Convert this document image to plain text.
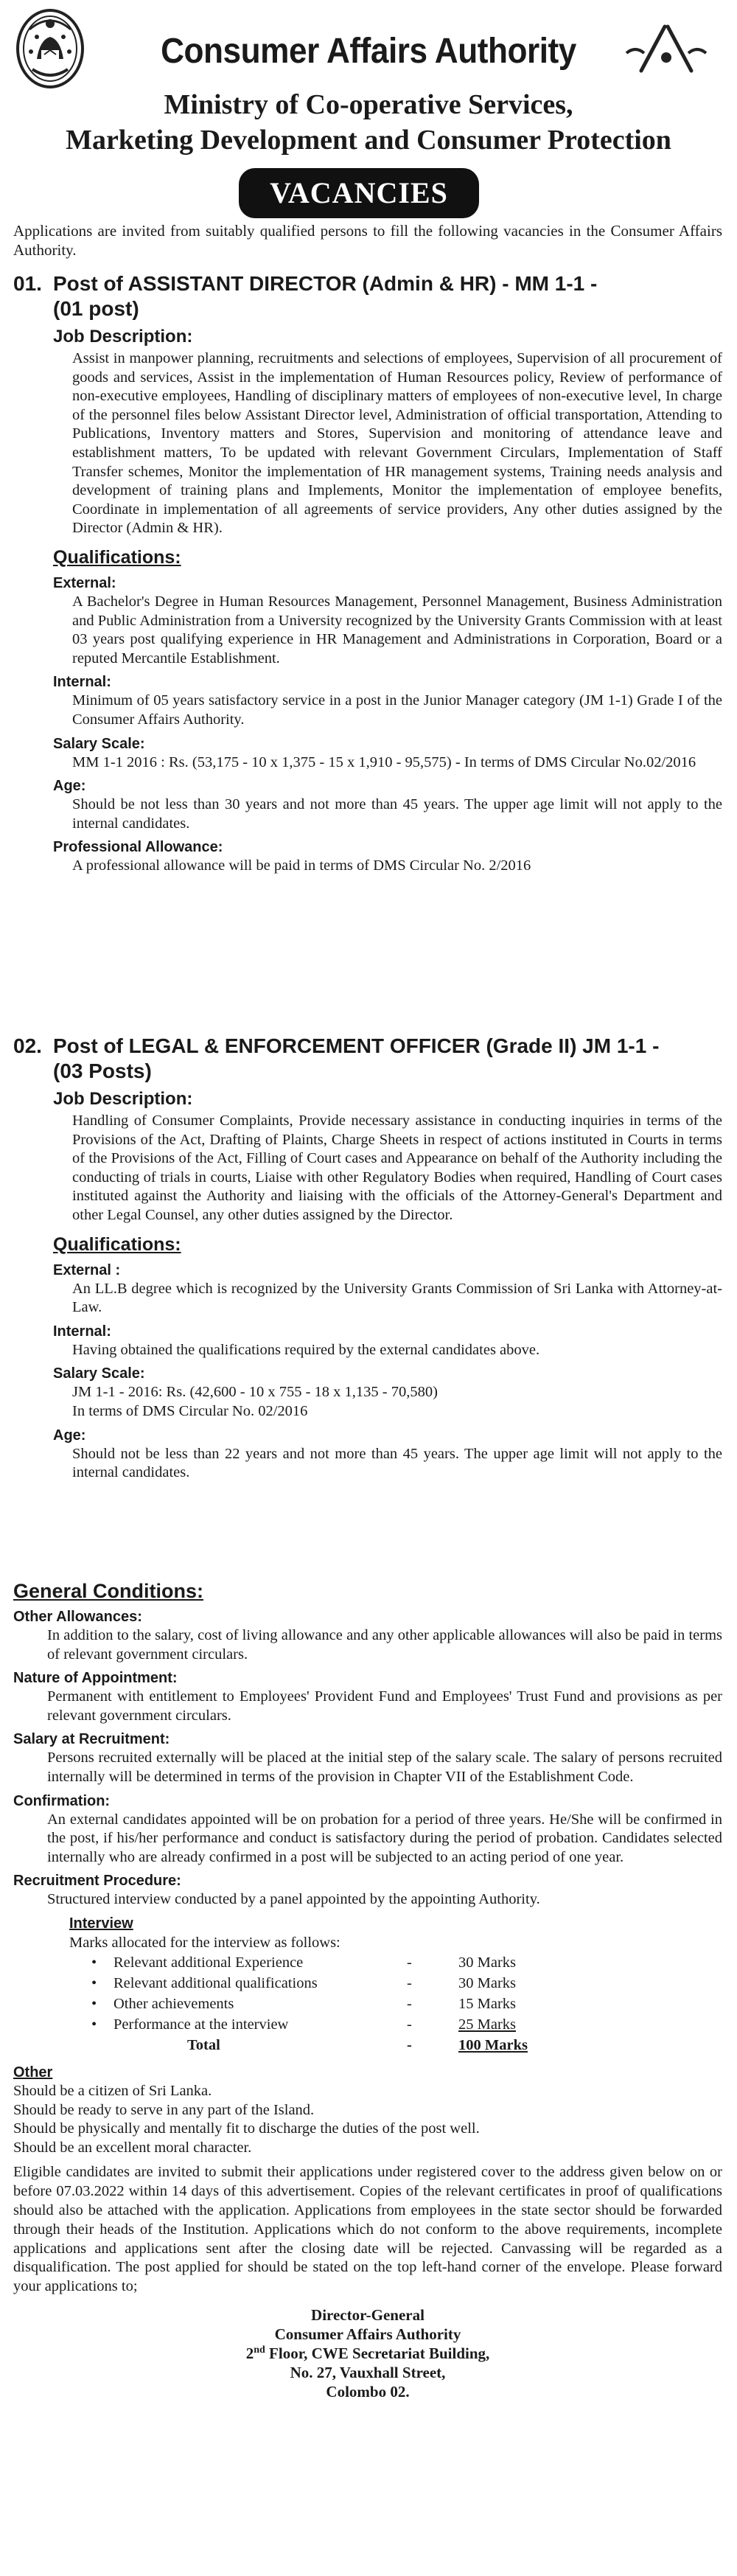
Consumer Affairs Authority
Ministry of Co-operative Services,
Marketing Development and Consumer Protection
VACANCIES
Applications are invited from suitably qualified persons to fill the following vacancies in the Consumer Affairs Authority.
01. Post of ASSISTANT DIRECTOR (Admin & HR) - MM 1-1 -
(01 post)
Job Description:
Assist in manpower planning, recruitments and selections of employees, Supervision of all procurement of goods and services, Assist in the implementation of Human Resources policy, Review of performance of non-executive employees, Handling of disciplinary matters of employees of non-executive level, In charge of the personnel files below Assistant Director level, Administration of official transportation, Attending to Publications, Inventory matters and Stores, Supervision and monitoring of attendance leave and establishment matters, To be updated with relevant Government Circulars, Implementation of Staff Transfer schemes, Monitor the implementation of HR management systems, Training needs analysis and development of training plans and Implements, Monitor the implementation of employee benefits, Coordinate in implementation of all agreements of service providers, Any other duties assigned by the Director (Admin & HR).
Qualifications:
External:
A Bachelor's Degree in Human Resources Management, Personnel Management, Business Administration and Public Administration from a University recognized by the University Grants Commission with at least 03 years post qualifying experience in HR Management and Administrations in Corporation, Board or a reputed Mercantile Establishment.
Internal:
Minimum of 05 years satisfactory service in a post in the Junior Manager category (JM 1-1) Grade I of the Consumer Affairs Authority.
Salary Scale:
MM 1-1 2016 : Rs. (53,175 - 10 x 1,375 - 15 x 1,910 - 95,575) - In terms of DMS Circular No.02/2016
Age:
Should be not less than 30 years and not more than 45 years. The upper age limit will not apply to the internal candidates.
Professional Allowance:
A professional allowance will be paid in terms of DMS Circular No. 2/2016
02. Post of LEGAL & ENFORCEMENT OFFICER (Grade II) JM 1-1 -
(03 Posts)
Job Description:
Handling of Consumer Complaints, Provide necessary assistance in conducting inquiries in terms of the Provisions of the Act, Drafting of Plaints, Charge Sheets in respect of actions instituted in Courts in terms of the Provisions of the Act, Filling of Court cases and Appearance on behalf of the Authority including the conducting of trials in courts, Liaise with other Regulatory Bodies when required, Handling of Court cases instituted against the Authority and liaising with the officials of the Attorney-General's Department and other Legal Counsel, any other duties assigned by the Director.
Qualifications:
External :
An LL.B degree which is recognized by the University Grants Commission of Sri Lanka with Attorney-at-Law.
Internal:
Having obtained the qualifications required by the external candidates above.
Salary Scale:
JM 1-1 - 2016: Rs. (42,600 - 10 x 755 - 18 x 1,135 - 70,580)
In terms of DMS Circular No. 02/2016
Age:
Should not be less than 22 years and not more than 45 years. The upper age limit will not apply to the internal candidates.
General Conditions:
Other Allowances:
In addition to the salary, cost of living allowance and any other applicable allowances will also be paid in terms of relevant government circulars.
Nature of Appointment:
Permanent with entitlement to Employees' Provident Fund and Employees' Trust Fund and provisions as per relevant government circulars.
Salary at Recruitment:
Persons recruited externally will be placed at the initial step of the salary scale. The salary of persons recruited internally will be determined in terms of the provision in Chapter VII of the Establishment Code.
Confirmation:
An external candidates appointed will be on probation for a period of three years. He/She will be confirmed in the post, if his/her performance and conduct is satisfactory during the period of probation. Candidates selected internally who are already confirmed in a post will be subjected to an acting period of one year.
Recruitment Procedure:
Structured interview conducted by a panel appointed by the appointing Authority.
Interview
Marks allocated for the interview as follows:
•	Relevant additional Experience	-	30 Marks
•	Relevant additional qualifications	-	30 Marks
•	Other achievements	-	15 Marks
•	Performance at the interview	-	25 Marks
Total	-	100 Marks
Other
Should be a citizen of Sri Lanka.
Should be ready to serve in any part of the Island.
Should be physically and mentally fit to discharge the duties of the post well.
Should be an excellent moral character.
Eligible candidates are invited to submit their applications under registered cover to the address given below on or before 07.03.2022 within 14 days of this advertisement. Copies of the relevant certificates in proof of qualifications should also be attached with the application. Applications from employees in the state sector should be forwarded through their heads of the Institution. Applications which do not conform to the above requirements, incomplete applications and applications sent after the closing date will be rejected. Canvassing will be regarded as a disqualification. The post applied for should be stated on the top left-hand corner of the envelope. Please forward your applications to;
Director-General
Consumer Affairs Authority
2nd Floor, CWE Secretariat Building,
No. 27, Vauxhall Street,
Colombo 02.
